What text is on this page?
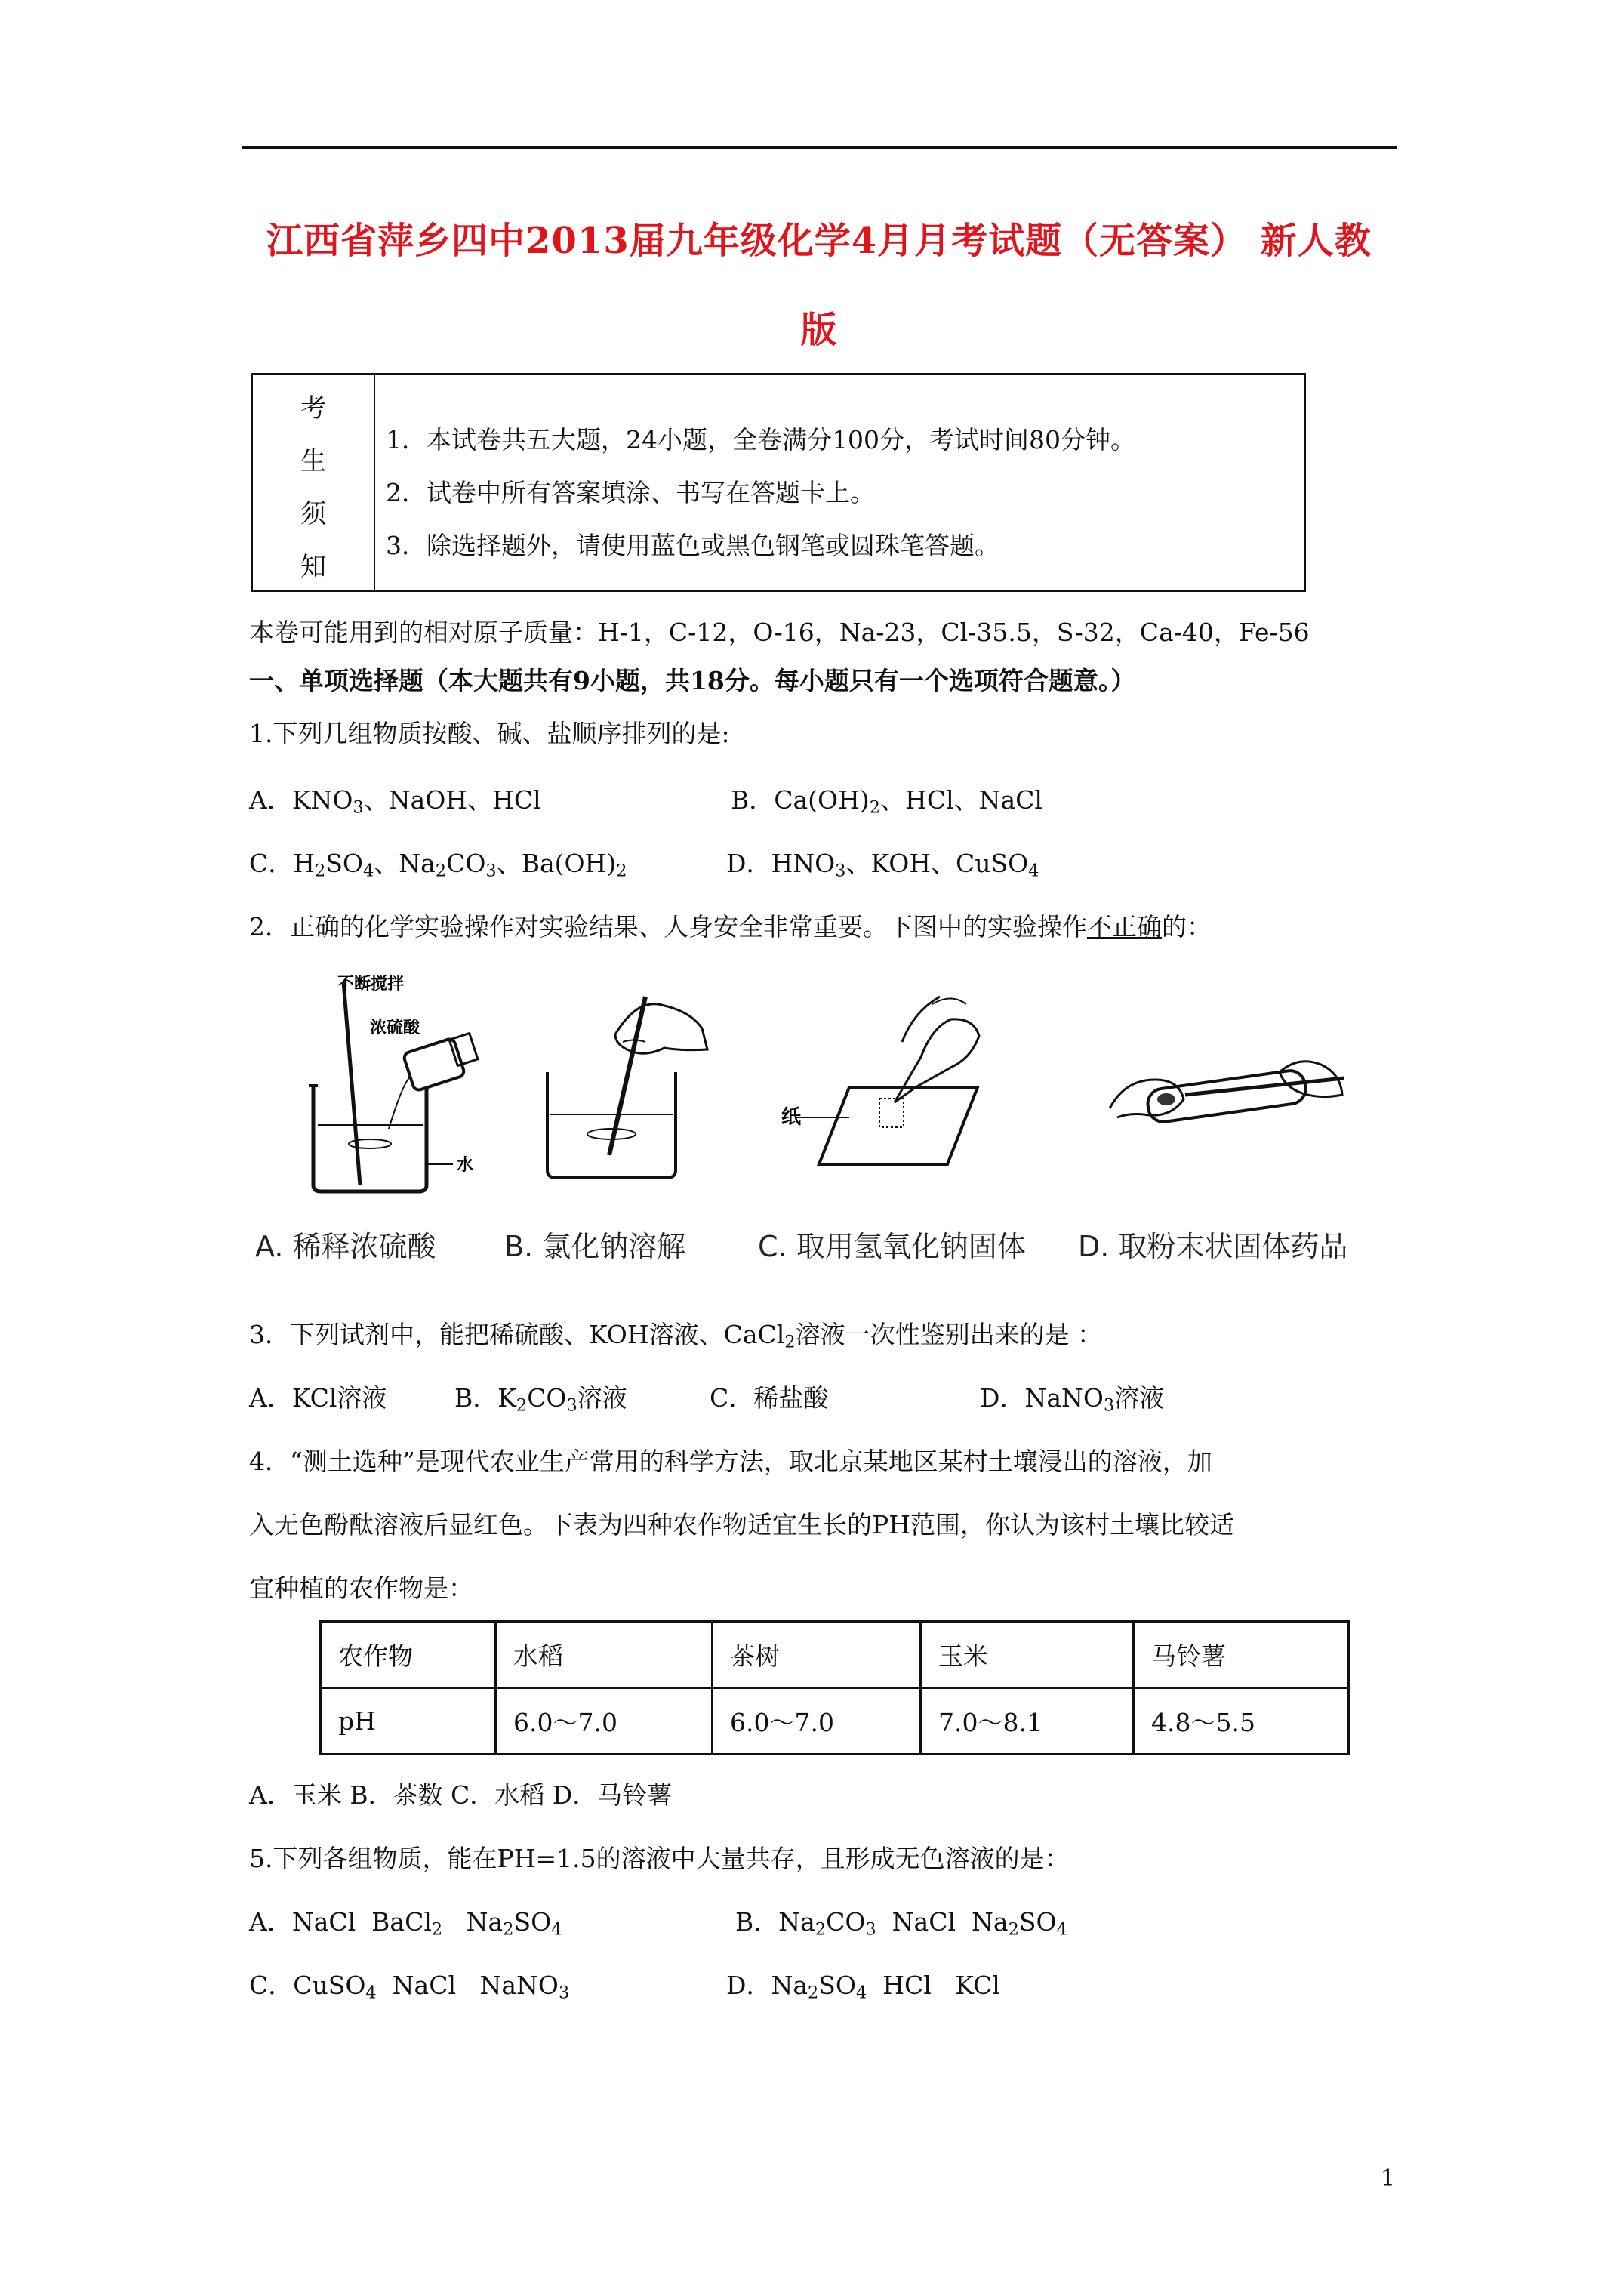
江西省萍乡四中2013届九年级化学4月月考试题（无答案） 新人教
版
考
生
须
知
1．本试卷共五大题，24小题，全卷满分100分，考试时间80分钟。
2．试卷中所有答案填涂、书写在答题卡上。
3．除选择题外，请使用蓝色或黑色钢笔或圆珠笔答题。
本卷可能用到的相对原子质量：H-1，C-12，O-16，Na-23，Cl-35.5，S-32，Ca-40，Fe-56
一、单项选择题（本大题共有9小题，共18分。每小题只有一个选项符合题意。）
1.下列几组物质按酸、碱、盐顺序排列的是:
A．$KNO_3$、NaOH、HCl	B．$Ca(OH)_2$、HCl、NaCl
C．$H_2SO_4$、$Na_2CO_3$、$Ba(OH)_2$	D．$HNO_3$、KOH、CuSO$_4$
2．正确的化学实验操作对实验结果、人身安全非常重要。下图中的实验操作不正确的：
不断搅拌
浓硫酸
水
纸
A. 稀释浓硫酸 B. 氯化钠溶解	C. 取用氢氧化钠固体 D. 取粉末状固体药品
3．下列试剂中，能把稀硫酸、KOH溶液、CaCl$_2$溶液一次性鉴别出来的是 ：
A．KCl溶液	B．$K_2CO_3$溶液	C．稀盐酸	D．NaNO$_3$溶液
4．“测土选种”是现代农业生产常用的科学方法，取北京某地区某村土壤浸出的溶液，加
入无色酚酞溶液后显红色。下表为四种农作物适宜生长的PH范围，你认为该村土壤比较适
宜种植的农作物是：
农作物	水稻	茶树	玉米	马铃薯
pH	6.0～7.0	6.0～7.0	7.0～8.1	4.8～5.5
A．玉米 B．茶数 C．水稻 D．马铃薯
5.下列各组物质，能在PH=1.5的溶液中大量共存，且形成无色溶液的是：
A．NaCl  BaCl$_2$   $Na_2SO_4$	B．$Na_2CO_3$  NaCl  $Na_2SO_4$
C．CuSO$_4$  NaCl   NaNO$_3$	D．$Na_2SO_4$  HCl   KCl
1
